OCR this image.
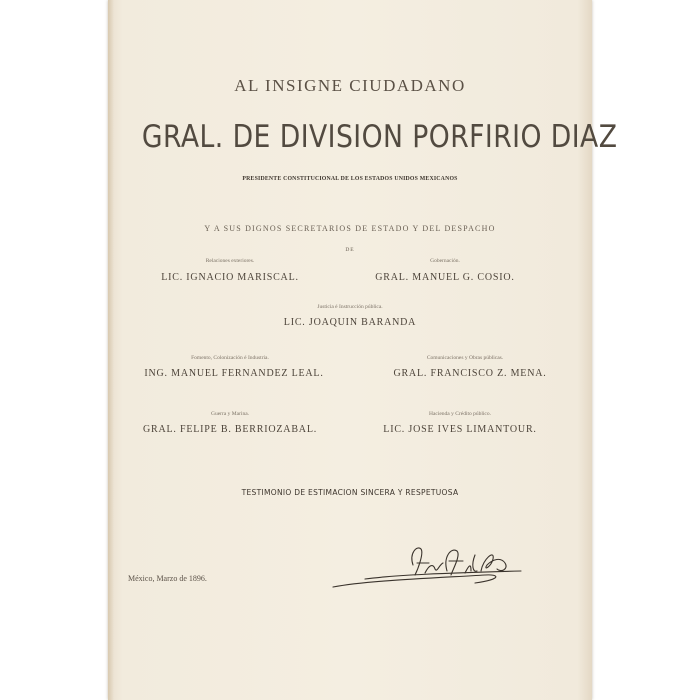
AL INSIGNE CIUDADANO
GRAL. DE DIVISION PORFIRIO DIAZ
PRESIDENTE CONSTITUCIONAL DE LOS ESTADOS UNIDOS MEXICANOS
Y A SUS DIGNOS SECRETARIOS DE ESTADO Y DEL DESPACHO
DE
Relaciones exteriores.
LIC. IGNACIO MARISCAL.
Gobernación.
GRAL. MANUEL G. COSIO.
Justicia é Instrucción pública.
LIC. JOAQUIN BARANDA
Fomento, Colonización é Industria.
ING. MANUEL FERNANDEZ LEAL.
Comunicaciones y Obras públicas.
GRAL. FRANCISCO Z. MENA.
Guerra y Marina.
GRAL. FELIPE B. BERRIOZABAL.
Hacienda y Crédito público.
LIC. JOSE IVES LIMANTOUR.
TESTIMONIO DE ESTIMACION SINCERA Y RESPETUOSA
México, Marzo de 1896.
